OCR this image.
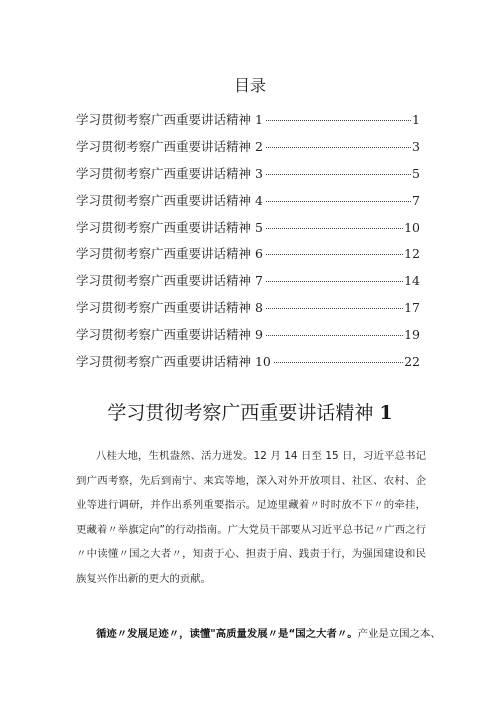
目录
学习贯彻考察广西重要讲话精神 1	1
学习贯彻考察广西重要讲话精神 2	3
学习贯彻考察广西重要讲话精神 3	5
学习贯彻考察广西重要讲话精神 4	7
学习贯彻考察广西重要讲话精神 5	10
学习贯彻考察广西重要讲话精神 6	12
学习贯彻考察广西重要讲话精神 7	14
学习贯彻考察广西重要讲话精神 8	17
学习贯彻考察广西重要讲话精神 9	19
学习贯彻考察广西重要讲话精神 10	22
学习贯彻考察广西重要讲话精神 1

八桂大地，生机盎然、活力迸发。12 月 14 日至 15 日，习近平总书记到广西考察，先后到南宁、来宾等地，深入对外开放项目、社区、农村、企业等进行调研，并作出系列重要指示。足迹里藏着〃时时放不下〃的牵挂，更藏着〃举旗定向”的行动指南。广大党员干部要从习近平总书记〃广西之行〃中读懂〃国之大者〃，知责于心、担责于肩、践责于行，为强国建设和民族复兴作出新的更大的贡献。

循迹〃发展足迹〃，读懂"高质量发展〃是“国之大者〃。产业是立国之本、
